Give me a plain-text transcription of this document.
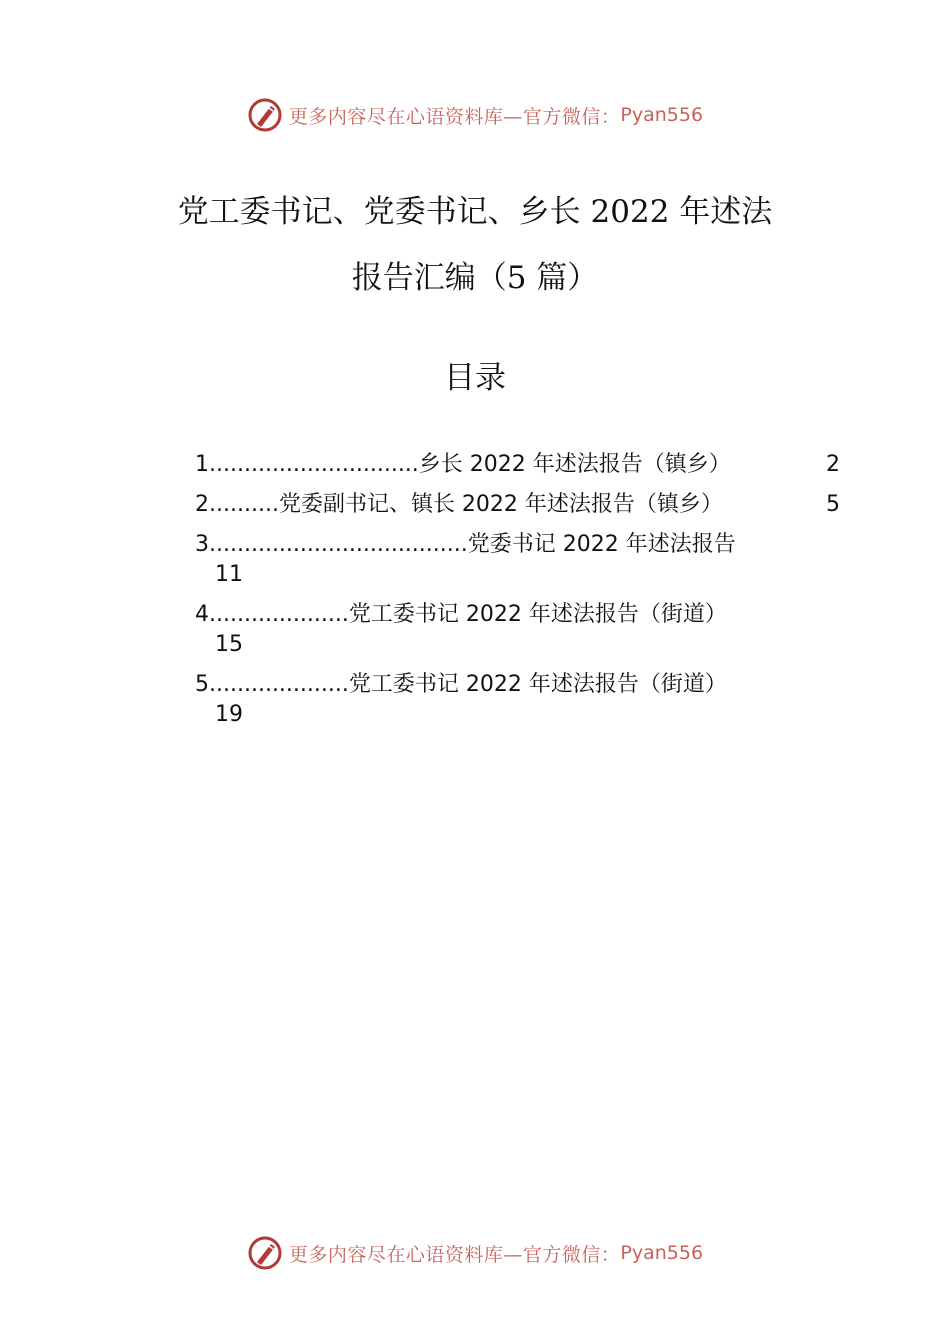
更多内容尽在心语资料库—官方微信： Pyan556
党工委书记、党委书记、乡长 2022 年述法
报告汇编（5 篇）
目录
1 .............................. 乡长 2022 年述法报告（镇乡）	2
2 .......... 党委副书记、镇长 2022 年述法报告（镇乡）	5
3 ..................................... 党委书记 2022 年述法报告
11
4 .................... 党工委书记 2022 年述法报告（街道）
15
5 .................... 党工委书记 2022 年述法报告（街道）
19
更多内容尽在心语资料库—官方微信： Pyan556
